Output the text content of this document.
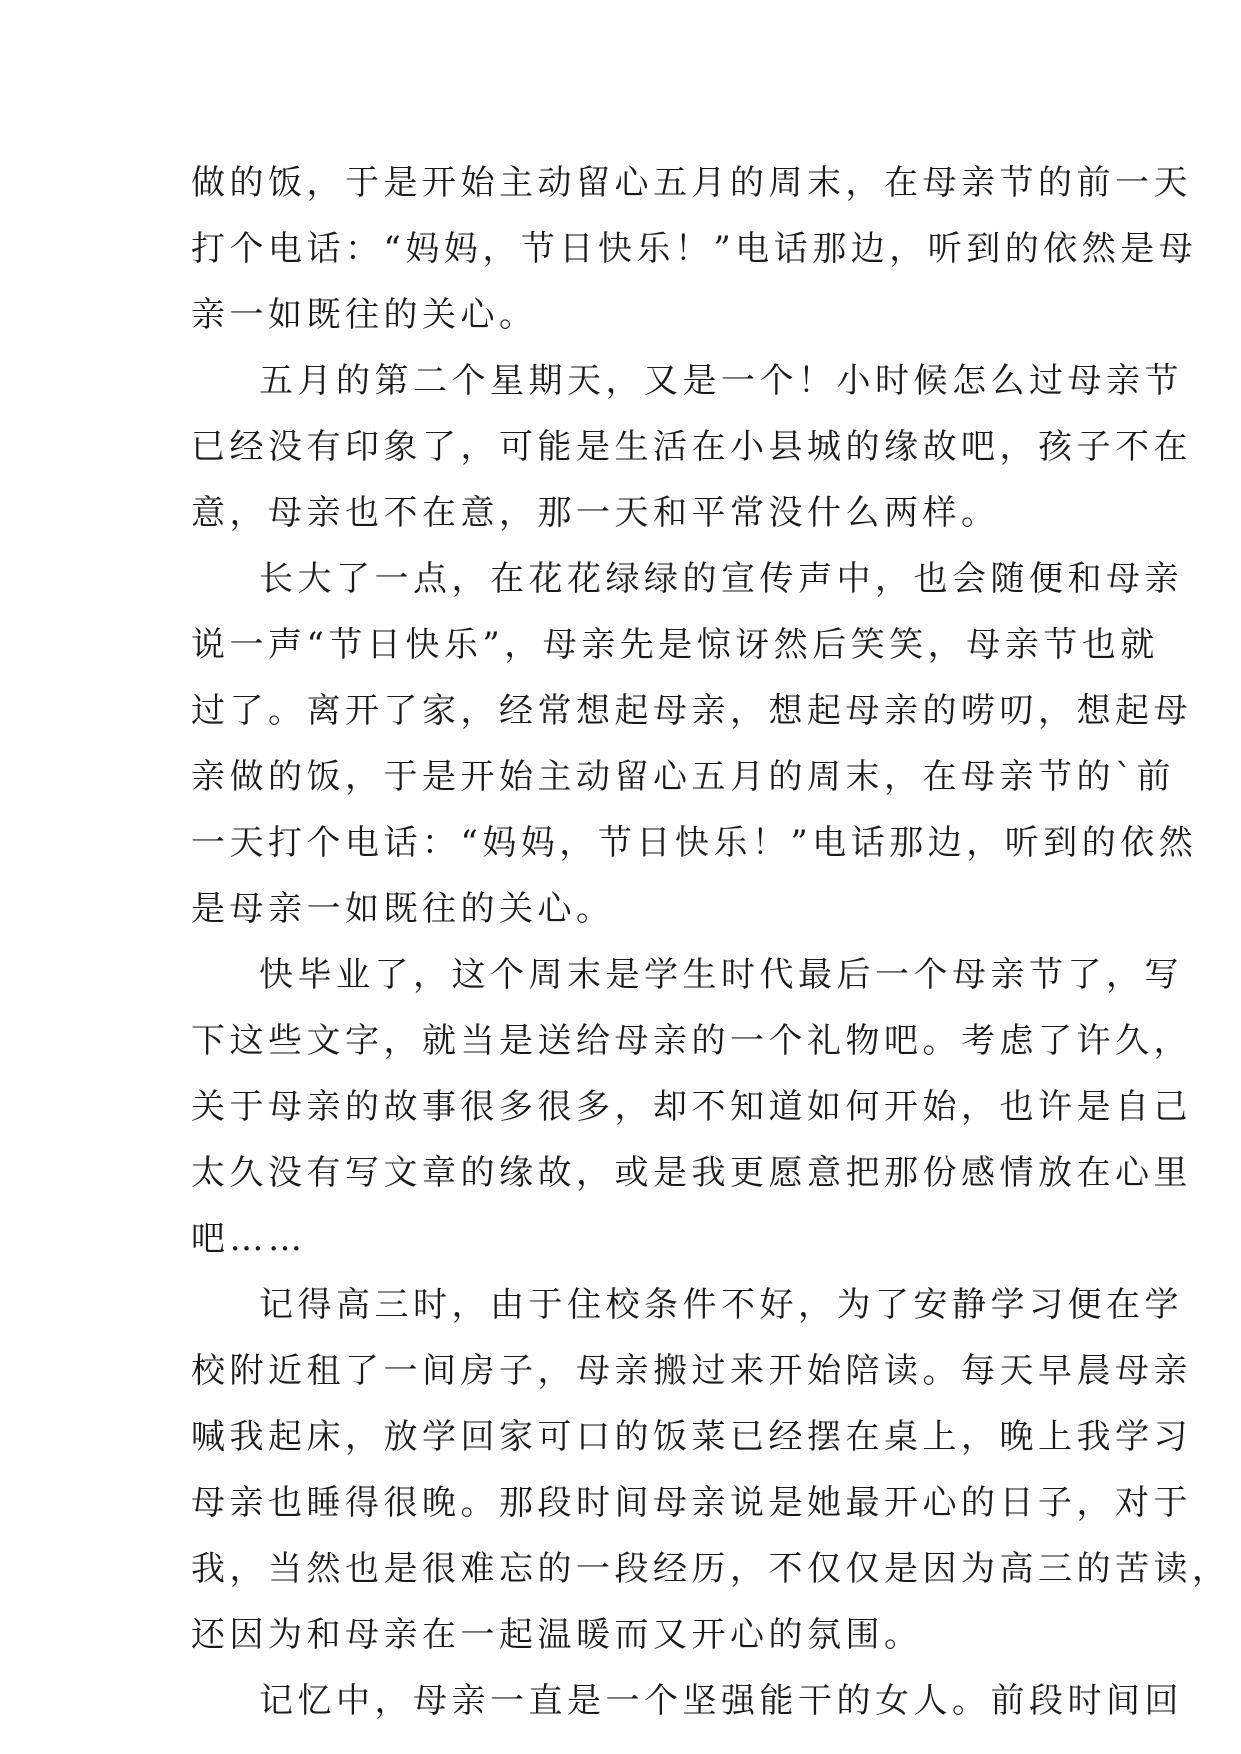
做的饭，于是开始主动留心五月的周末，在母亲节的前一天
打个电话：“妈妈，节日快乐！”电话那边，听到的依然是母
亲一如既往的关心。
五月的第二个星期天，又是一个！小时候怎么过母亲节
已经没有印象了，可能是生活在小县城的缘故吧，孩子不在
意，母亲也不在意，那一天和平常没什么两样。
长大了一点，在花花绿绿的宣传声中，也会随便和母亲
说一声“节日快乐”，母亲先是惊讶然后笑笑，母亲节也就
过了。离开了家，经常想起母亲，想起母亲的唠叨，想起母
亲做的饭，于是开始主动留心五月的周末，在母亲节的`前
一天打个电话：“妈妈，节日快乐！”电话那边，听到的依然
是母亲一如既往的关心。
快毕业了，这个周末是学生时代最后一个母亲节了，写
下这些文字，就当是送给母亲的一个礼物吧。考虑了许久，
关于母亲的故事很多很多，却不知道如何开始，也许是自己
太久没有写文章的缘故，或是我更愿意把那份感情放在心里
吧……
记得高三时，由于住校条件不好，为了安静学习便在学
校附近租了一间房子，母亲搬过来开始陪读。每天早晨母亲
喊我起床，放学回家可口的饭菜已经摆在桌上，晚上我学习
母亲也睡得很晚。那段时间母亲说是她最开心的日子，对于
我，当然也是很难忘的一段经历，不仅仅是因为高三的苦读，
还因为和母亲在一起温暖而又开心的氛围。
记忆中，母亲一直是一个坚强能干的女人。前段时间回
